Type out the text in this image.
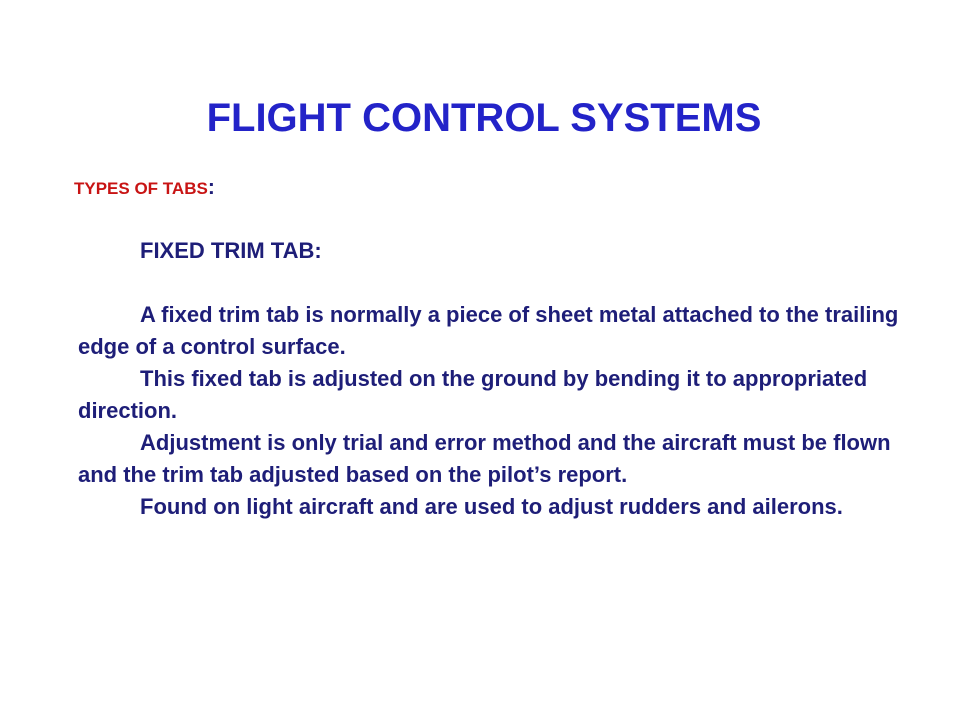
FLIGHT CONTROL SYSTEMS
TYPES OF TABS:
FIXED TRIM TAB:

A fixed trim tab is normally a piece of sheet metal attached to the trailing edge of a control surface.

This fixed tab is adjusted on the ground by bending it to appropriated direction.

Adjustment is only trial and error method and the aircraft must be flown and the trim tab adjusted based on the pilot’s report.

Found on light aircraft and are used to adjust rudders and ailerons.
